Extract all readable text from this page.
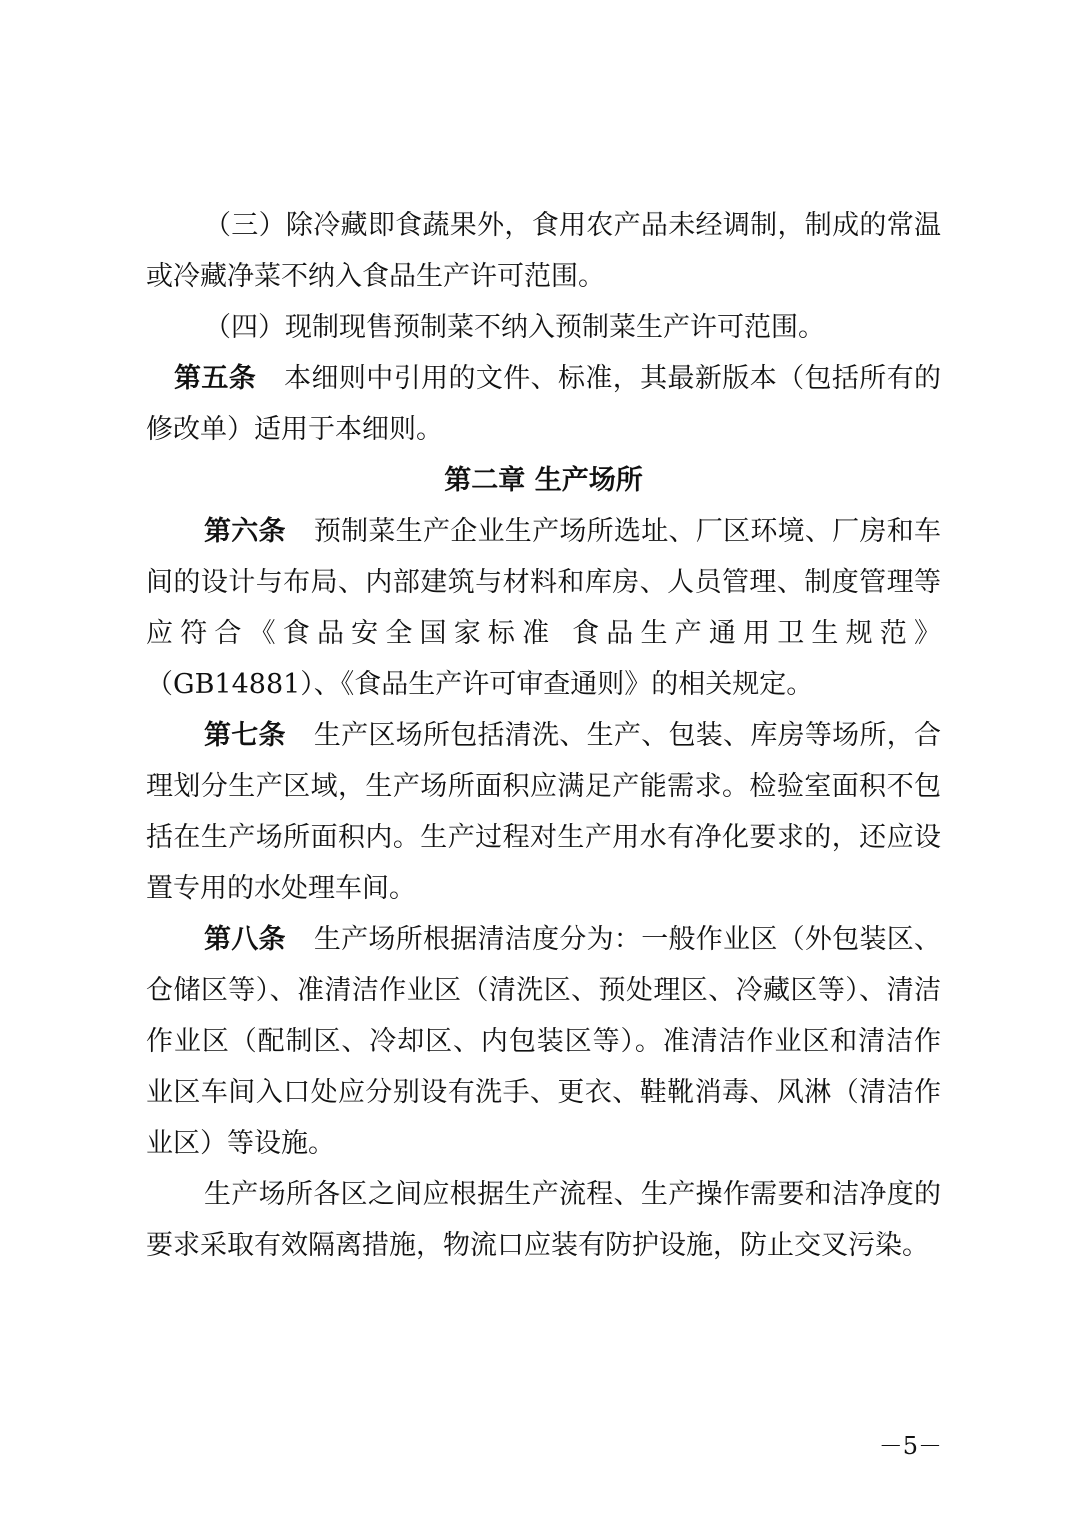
（三）除冷藏即食蔬果外，食用农产品未经调制，制成的常温或冷藏净菜不纳入食品生产许可范围。

（四）现制现售预制菜不纳入预制菜生产许可范围。

第五条 本细则中引用的文件、标准，其最新版本（包括所有的修改单）适用于本细则。

第二章 生产场所

第六条 预制菜生产企业生产场所选址、厂区环境、厂房和车间的设计与布局、内部建筑与材料和库房、人员管理、制度管理等应符合《食品安全国家标准 食品生产通用卫生规范》（GB14881）、《食品生产许可审查通则》的相关规定。

第七条 生产区场所包括清洗、生产、包装、库房等场所，合理划分生产区域，生产场所面积应满足产能需求。检验室面积不包括在生产场所面积内。生产过程对生产用水有净化要求的，还应设置专用的水处理车间。

第八条 生产场所根据清洁度分为：一般作业区（外包装区、仓储区等）、准清洁作业区（清洗区、预处理区、冷藏区等）、清洁作业区（配制区、冷却区、内包装区等）。准清洁作业区和清洁作业区车间入口处应分别设有洗手、更衣、鞋靴消毒、风淋（清洁作业区）等设施。

生产场所各区之间应根据生产流程、生产操作需要和洁净度的要求采取有效隔离措施，物流口应装有防护设施，防止交叉污染。

－5－
